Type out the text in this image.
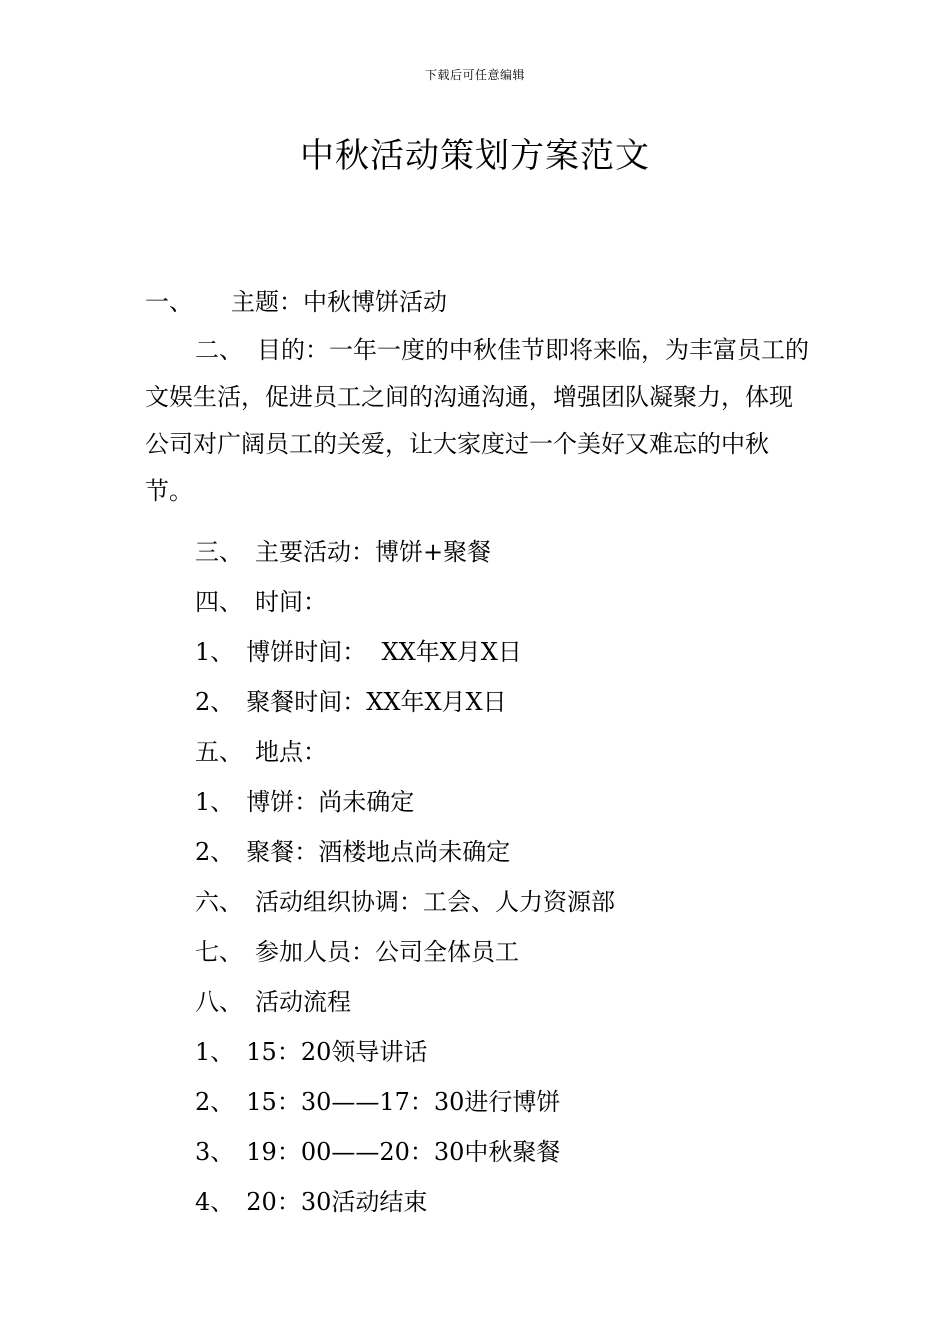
下载后可任意编辑
中秋活动策划方案范文
一、 主题：中秋博饼活动

二、 目的：一年一度的中秋佳节即将来临，为丰富员工的文娱生活，促进员工之间的沟通沟通，增强团队凝聚力，体现公司对广阔员工的关爱，让大家度过一个美好又难忘的中秋节。

三、 主要活动：博饼+聚餐
四、 时间：
1、 博饼时间：  XX年X月X日
2、 聚餐时间：XX年X月X日
五、 地点：
1、 博饼：尚未确定
2、 聚餐：酒楼地点尚未确定
六、 活动组织协调：工会、人力资源部
七、 参加人员：公司全体员工
八、 活动流程
1、 15：20领导讲话
2、 15：30——17：30进行博饼
3、 19：00——20：30中秋聚餐
4、 20：30活动结束
